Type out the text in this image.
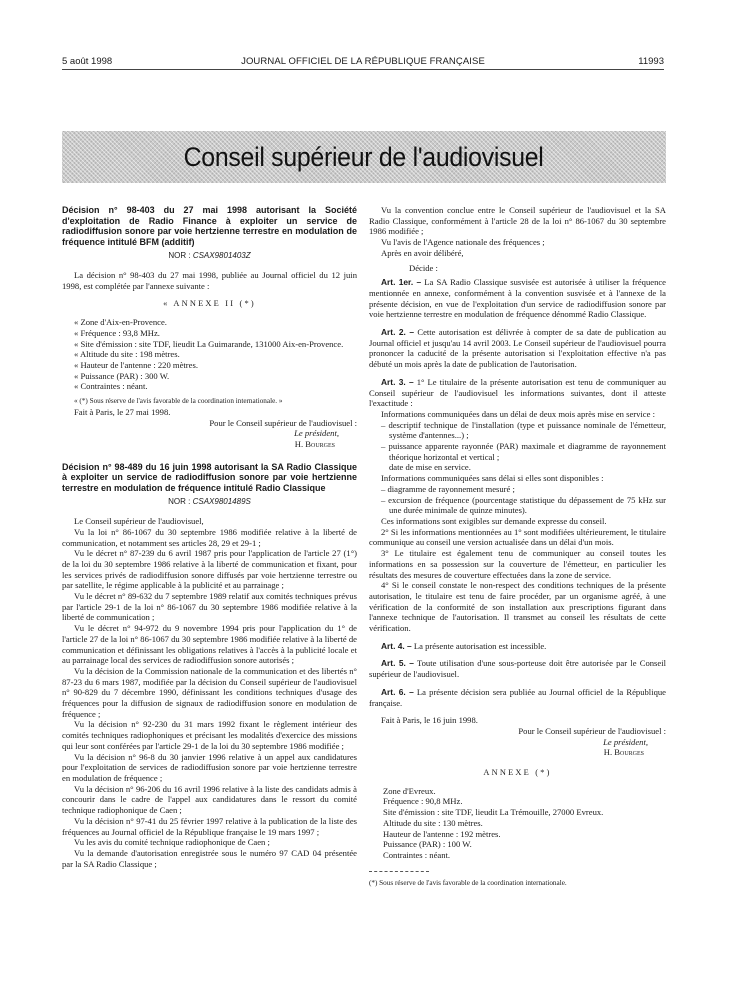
5 août 1998	JOURNAL OFFICIEL DE LA RÉPUBLIQUE FRANÇAISE	11993
Conseil supérieur de l'audiovisuel
Décision n° 98-403 du 27 mai 1998 autorisant la Société d'exploitation de Radio Finance à exploiter un service de radiodiffusion sonore par voie hertzienne terrestre en modulation de fréquence intitulé BFM (additif)
NOR : CSAX9801403Z

La décision n° 98-403 du 27 mai 1998, publiée au Journal officiel du 12 juin 1998, est complétée par l'annexe suivante :

« ANNEXE II (*)

« Zone d'Aix-en-Provence.

« Fréquence : 93,8 MHz.

« Site d'émission : site TDF, lieudit La Guimarande, 131000 Aix-en-Provence.

« Altitude du site : 198 mètres.

« Hauteur de l'antenne : 220 mètres.

« Puissance (PAR) : 300 W.

« Contraintes : néant.

« (*) Sous réserve de l'avis favorable de la coordination internationale. »

Fait à Paris, le 27 mai 1998.

Pour le Conseil supérieur de l'audiovisuel :

Le président,

H. Bourges

Décision n° 98-489 du 16 juin 1998 autorisant la SA Radio Classique à exploiter un service de radiodiffusion sonore par voie hertzienne terrestre en modulation de fréquence intitulé Radio Classique
NOR : CSAX9801489S

Le Conseil supérieur de l'audiovisuel,

Vu la loi n° 86-1067 du 30 septembre 1986 modifiée relative à la liberté de communication, et notamment ses articles 28, 29 et 29-1 ;

Vu le décret n° 87-239 du 6 avril 1987 pris pour l'application de l'article 27 (1°) de la loi du 30 septembre 1986 relative à la liberté de communication et fixant, pour les services privés de radiodiffusion sonore diffusés par voie hertzienne terrestre ou par satellite, le régime applicable à la publicité et au parrainage ;

Vu le décret n° 89-632 du 7 septembre 1989 relatif aux comités techniques prévus par l'article 29-1 de la loi n° 86-1067 du 30 septembre 1986 modifiée relative à la liberté de communication ;

Vu le décret n° 94-972 du 9 novembre 1994 pris pour l'application du 1° de l'article 27 de la loi n° 86-1067 du 30 septembre 1986 modifiée relative à la liberté de communication et définissant les obligations relatives à l'accès à la publicité locale et au parrainage local des services de radiodiffusion sonore autorisés ;

Vu la décision de la Commission nationale de la communication et des libertés n° 87-23 du 6 mars 1987, modifiée par la décision du Conseil supérieur de l'audiovisuel n° 90-829 du 7 décembre 1990, définissant les conditions techniques d'usage des fréquences pour la diffusion de signaux de radiodiffusion sonore en modulation de fréquence ;

Vu la décision n° 92-230 du 31 mars 1992 fixant le règlement intérieur des comités techniques radiophoniques et précisant les modalités d'exercice des missions qui leur sont conférées par l'article 29-1 de la loi du 30 septembre 1986 modifiée ;

Vu la décision n° 96-8 du 30 janvier 1996 relative à un appel aux candidatures pour l'exploitation de services de radiodiffusion sonore par voie hertzienne terrestre en modulation de fréquence ;

Vu la décision n° 96-206 du 16 avril 1996 relative à la liste des candidats admis à concourir dans le cadre de l'appel aux candidatures dans le ressort du comité technique radiophonique de Caen ;

Vu la décision n° 97-41 du 25 février 1997 relative à la publication de la liste des fréquences au Journal officiel de la République française le 19 mars 1997 ;

Vu les avis du comité technique radiophonique de Caen ;

Vu la demande d'autorisation enregistrée sous le numéro 97 CAD 04 présentée par la SA Radio Classique ;

Vu la convention conclue entre le Conseil supérieur de l'audiovisuel et la SA Radio Classique, conformément à l'article 28 de la loi n° 86-1067 du 30 septembre 1986 modifiée ;

Vu l'avis de l'Agence nationale des fréquences ;

Après en avoir délibéré,

Décide :

Art. 1er. – La SA Radio Classique susvisée est autorisée à utiliser la fréquence mentionnée en annexe, conformément à la convention susvisée et à l'annexe de la présente décision, en vue de l'exploitation d'un service de radiodiffusion sonore par voie hertzienne terrestre en modulation de fréquence dénommé Radio Classique.

Art. 2. – Cette autorisation est délivrée à compter de sa date de publication au Journal officiel et jusqu'au 14 avril 2003. Le Conseil supérieur de l'audiovisuel pourra prononcer la caducité de la présente autorisation si l'exploitation effective n'a pas débuté un mois après la date de publication de l'autorisation.

Art. 3. – 1° Le titulaire de la présente autorisation est tenu de communiquer au Conseil supérieur de l'audiovisuel les informations suivantes, dont il atteste l'exactitude :

Informations communiquées dans un délai de deux mois après mise en service :

– descriptif technique de l'installation (type et puissance nominale de l'émetteur, système d'antennes...) ;

– puissance apparente rayonnée (PAR) maximale et diagramme de rayonnement théorique horizontal et vertical ;

date de mise en service.

Informations communiquées sans délai si elles sont disponibles :

– diagramme de rayonnement mesuré ;

– excursion de fréquence (pourcentage statistique du dépassement de 75 kHz sur une durée minimale de quinze minutes).

Ces informations sont exigibles sur demande expresse du conseil.

2° Si les informations mentionnées au 1° sont modifiées ultérieurement, le titulaire communique au conseil une version actualisée dans un délai d'un mois.

3° Le titulaire est également tenu de communiquer au conseil toutes les informations en sa possession sur la couverture de l'émetteur, en particulier les résultats des mesures de couverture effectuées dans la zone de service.

4° Si le conseil constate le non-respect des conditions techniques de la présente autorisation, le titulaire est tenu de faire procéder, par un organisme agréé, à une vérification de la conformité de son installation aux prescriptions figurant dans l'annexe technique de l'autorisation. Il transmet au conseil les résultats de cette vérification.

Art. 4. – La présente autorisation est incessible.

Art. 5. – Toute utilisation d'une sous-porteuse doit être autorisée par le Conseil supérieur de l'audiovisuel.

Art. 6. – La présente décision sera publiée au Journal officiel de la République française.

Fait à Paris, le 16 juin 1998.

Pour le Conseil supérieur de l'audiovisuel :

Le président,

H. Bourges

ANNEXE (*)

Zone d'Evreux.

Fréquence : 90,8 MHz.

Site d'émission : site TDF, lieudit La Trémouille, 27000 Evreux.

Altitude du site : 130 mètres.

Hauteur de l'antenne : 192 mètres.

Puissance (PAR) : 100 W.

Contraintes : néant.

(*) Sous réserve de l'avis favorable de la coordination internationale.
